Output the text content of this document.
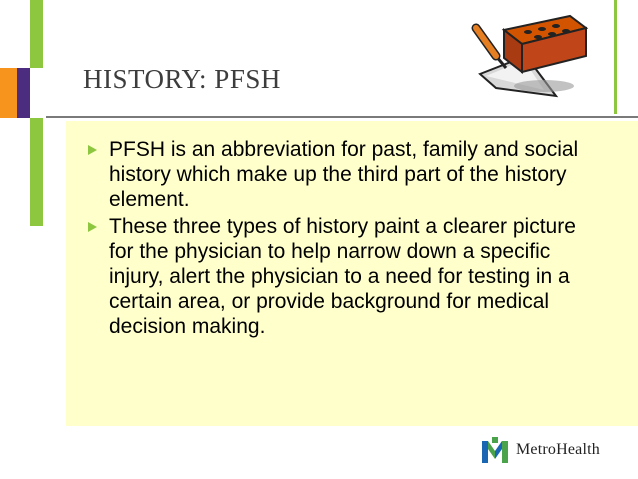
HISTORY: PFSH
PFSH is an abbreviation for past, family and social history which make up the third part of the history element.
These three types of history paint a clearer picture for the physician to help narrow down a specific injury, alert the physician to a need for testing in a certain area, or provide background for medical decision making.
MetroHealth
